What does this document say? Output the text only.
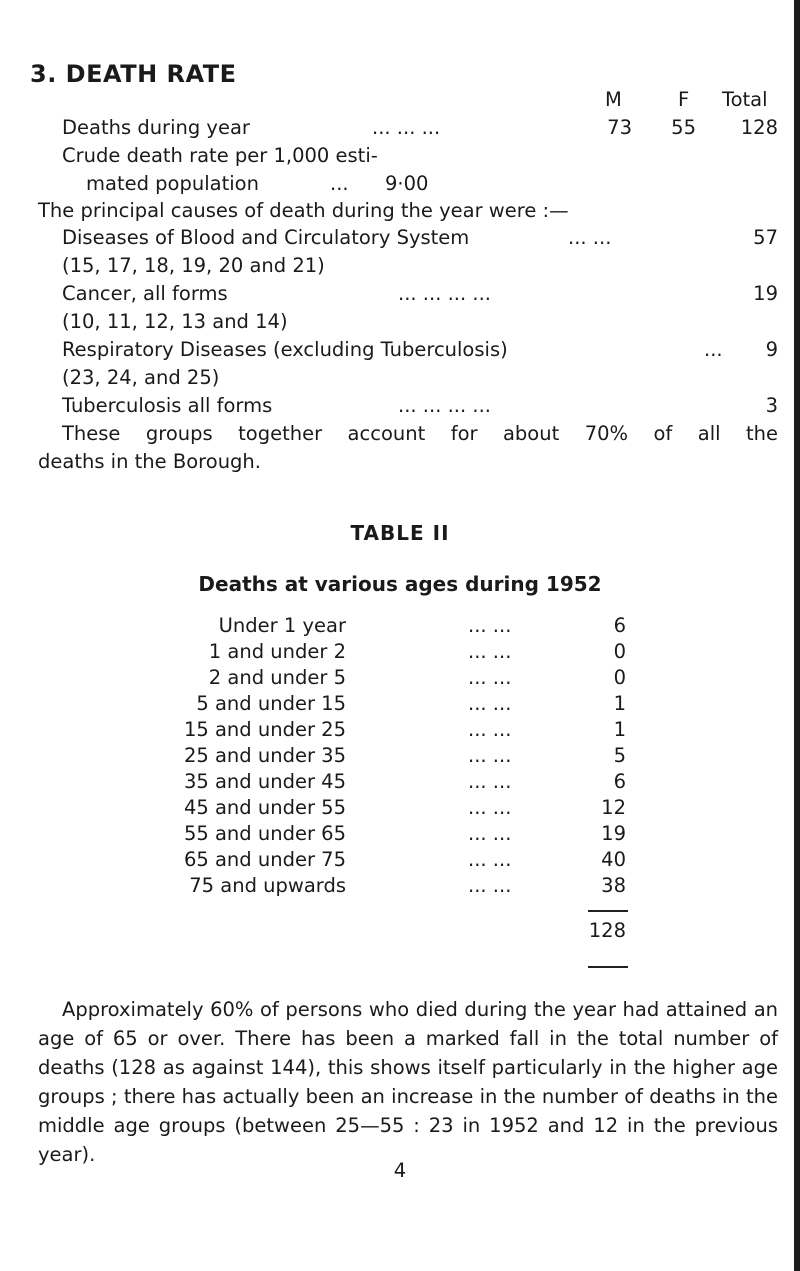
3. DEATH RATE
M	F Total
Deaths during year	... ... ...	73	55	128
Crude death rate per 1,000 esti-
mated population	... 9·00
The principal causes of death during the year were :—
Diseases of Blood and Circulatory System	... ...	57
(15, 17, 18, 19, 20 and 21)
Cancer, all forms	... ... ... ...	19
(10, 11, 12, 13 and 14)
Respiratory Diseases (excluding Tuberculosis)	...	9
(23, 24, and 25)
Tuberculosis all forms	... ... ... ...	3
These groups together account for about 70% of all the
deaths in the Borough.
TABLE II
Deaths at various ages during 1952
Under 1 year	... ...	6
1 and under 2	... ...	0
2 and under 5	... ...	0
5 and under 15	... ...	1
15 and under 25	... ...	1
25 and under 35	... ...	5
35 and under 45	... ...	6
45 and under 55	... ...	12
55 and under 65	... ...	19
65 and under 75	... ...	40
75 and upwards	... ...	38
128
Approximately 60% of persons who died during the year had attained an age of 65 or over. There has been a marked fall in the total number of deaths (128 as against 144), this shows itself particularly in the higher age groups ; there has actually been an increase in the number of deaths in the middle age groups (between 25—55 : 23 in 1952 and 12 in the previous year).
4
